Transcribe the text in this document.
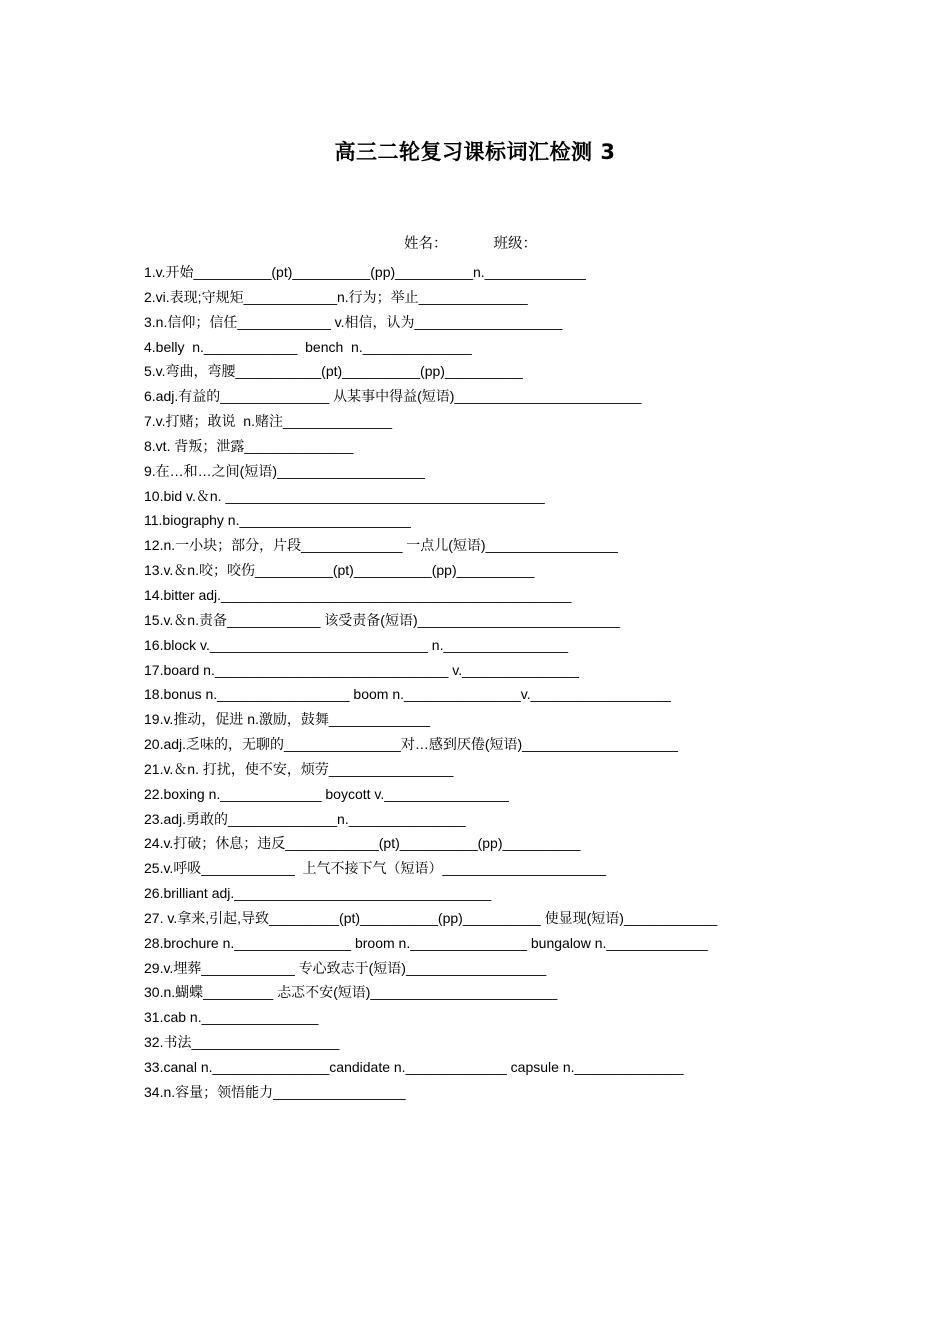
高三二轮复习课标词汇检测 3
姓名：	班级：
1.v.开始__________(pt)__________(pp)__________n._____________
2.vi.表现;守规矩____________n.行为；举止______________
3.n.信仰；信任____________ v.相信，认为___________________
4.belly  n.____________  bench  n.______________
5.v.弯曲，弯腰___________(pt)__________(pp)__________
6.adj.有益的______________ 从某事中得益(短语)________________________
7.v.打赌；敢说  n.赌注______________
8.vt. 背叛；泄露______________
9.在…和…之间(短语)___________________
10.bid v.＆n. _________________________________________
11.biography n.______________________
12.n.一小块；部分，片段_____________ 一点儿(短语)_________________
13.v.＆n.咬；咬伤__________(pt)__________(pp)__________
14.bitter adj._____________________________________________
15.v.＆n.责备____________ 该受责备(短语)__________________________
16.block v.____________________________ n.________________
17.board n.______________________________ v._______________
18.bonus n._________________ boom n._______________v.__________________
19.v.推动，促进 n.激励，鼓舞_____________
20.adj.乏味的，无聊的_______________对…感到厌倦(短语)____________________
21.v.＆n. 打扰，使不安，烦劳________________
22.boxing n._____________ boycott v.________________
23.adj.勇敢的______________n._______________
24.v.打破；休息；违反____________(pt)__________(pp)__________
25.v.呼吸____________  上气不接下气（短语）_____________________
26.brilliant adj._________________________________
27. v.拿来,引起,导致_________(pt)__________(pp)__________ 使显现(短语)____________
28.brochure n._______________ broom n._______________ bungalow n._____________
29.v.埋葬____________ 专心致志于(短语)__________________
30.n.蝴蝶_________ 忐忑不安(短语)________________________
31.cab n._______________
32.书法___________________
33.canal n._______________candidate n._____________ capsule n.______________
34.n.容量；领悟能力_________________
